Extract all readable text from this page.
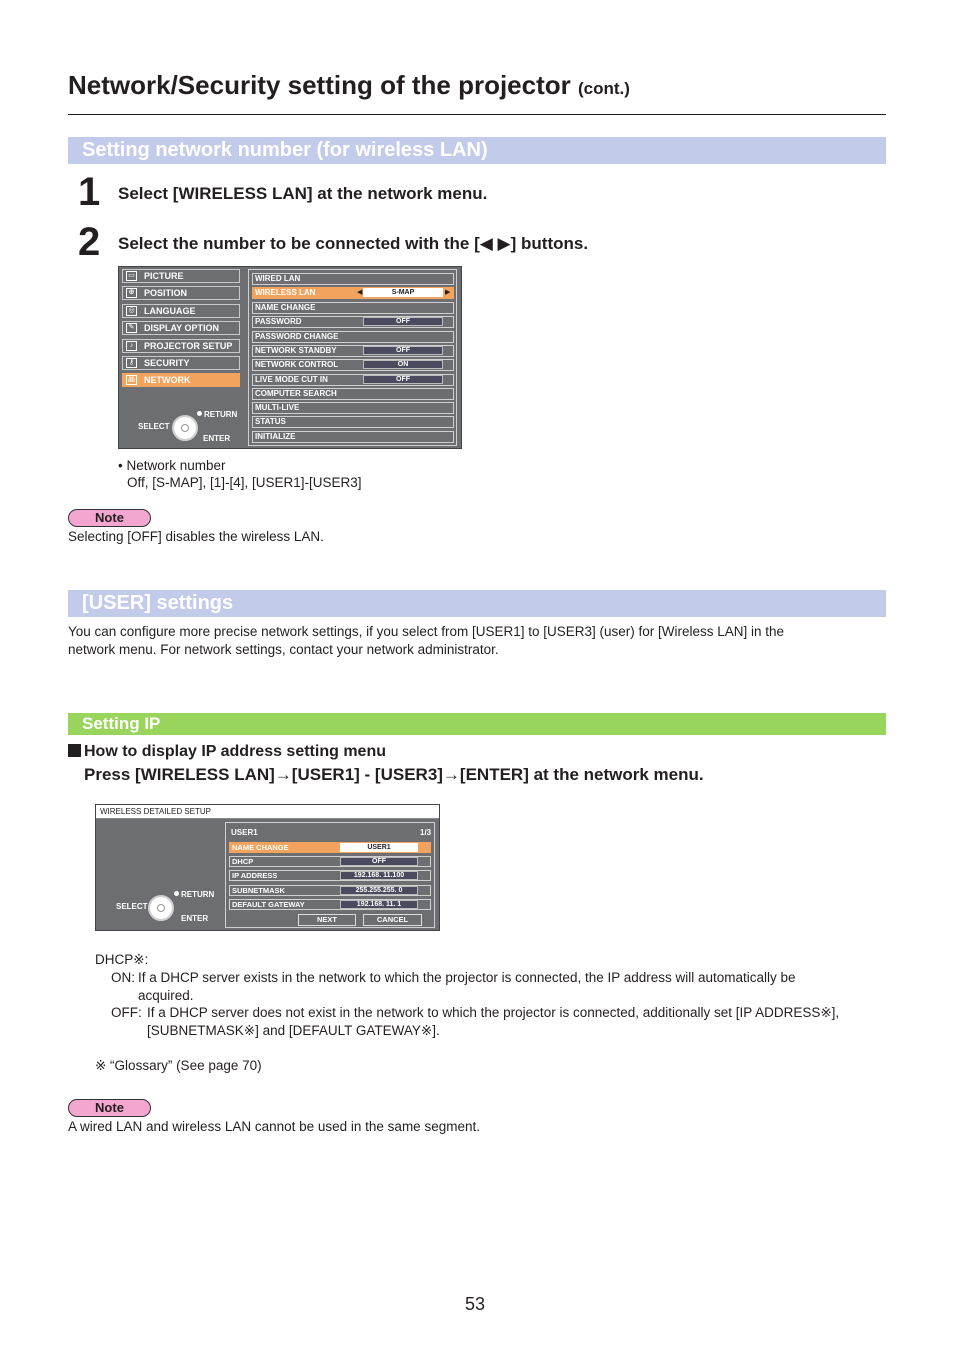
Network/Security setting of the projector (cont.)
Setting network number (for wireless LAN)
1 Select [WIRELESS LAN] at the network menu.
2 Select the number to be connected with the [◀ ▶] buttons.
▭ PICTURE
⊕ POSITION
◎ LANGUAGE
✎ DISPLAY OPTION
♪	PROJECTOR SETUP
⚷	SECURITY
品 NETWORK
SELECT
RETURN
ENTER
WIRED LAN
WIRELESS LAN	◀	S-MAP	▶
NAME CHANGE
PASSWORD	OFF
PASSWORD CHANGE
NETWORK STANDBY	OFF
NETWORK CONTROL	ON
LIVE MODE CUT IN	OFF
COMPUTER SEARCH
MULTI-LIVE
STATUS
INITIALIZE
• Network number
Off, [S-MAP], [1]-[4], [USER1]-[USER3]
Note
Selecting [OFF] disables the wireless LAN.
[USER] settings
You can configure more precise network settings, if you select from [USER1] to [USER3] (user) for [Wireless LAN] in the
network menu. For network settings, contact your network administrator.
Setting IP
How to display IP address setting menu
Press [WIRELESS LAN]→[USER1] - [USER3]→[ENTER] at the network menu.
WIRELESS DETAILED SETUP
SELECT
RETURN
ENTER
USER1	1/3
NAME CHANGE	USER1
DHCP	OFF
IP ADDRESS	192.168. 11.100
SUBNETMASK	255.255.255. 0
DEFAULT GATEWAY	192.168. 11. 1
NEXT	CANCEL
DHCP※:
ON: If a DHCP server exists in the network to which the projector is connected, the IP address will automatically be
acquired.
OFF: If a DHCP server does not exist in the network to which the projector is connected, additionally set [IP ADDRESS※],
[SUBNETMASK※] and [DEFAULT GATEWAY※].
※ “Glossary” (See page 70)
Note
A wired LAN and wireless LAN cannot be used in the same segment.
53
